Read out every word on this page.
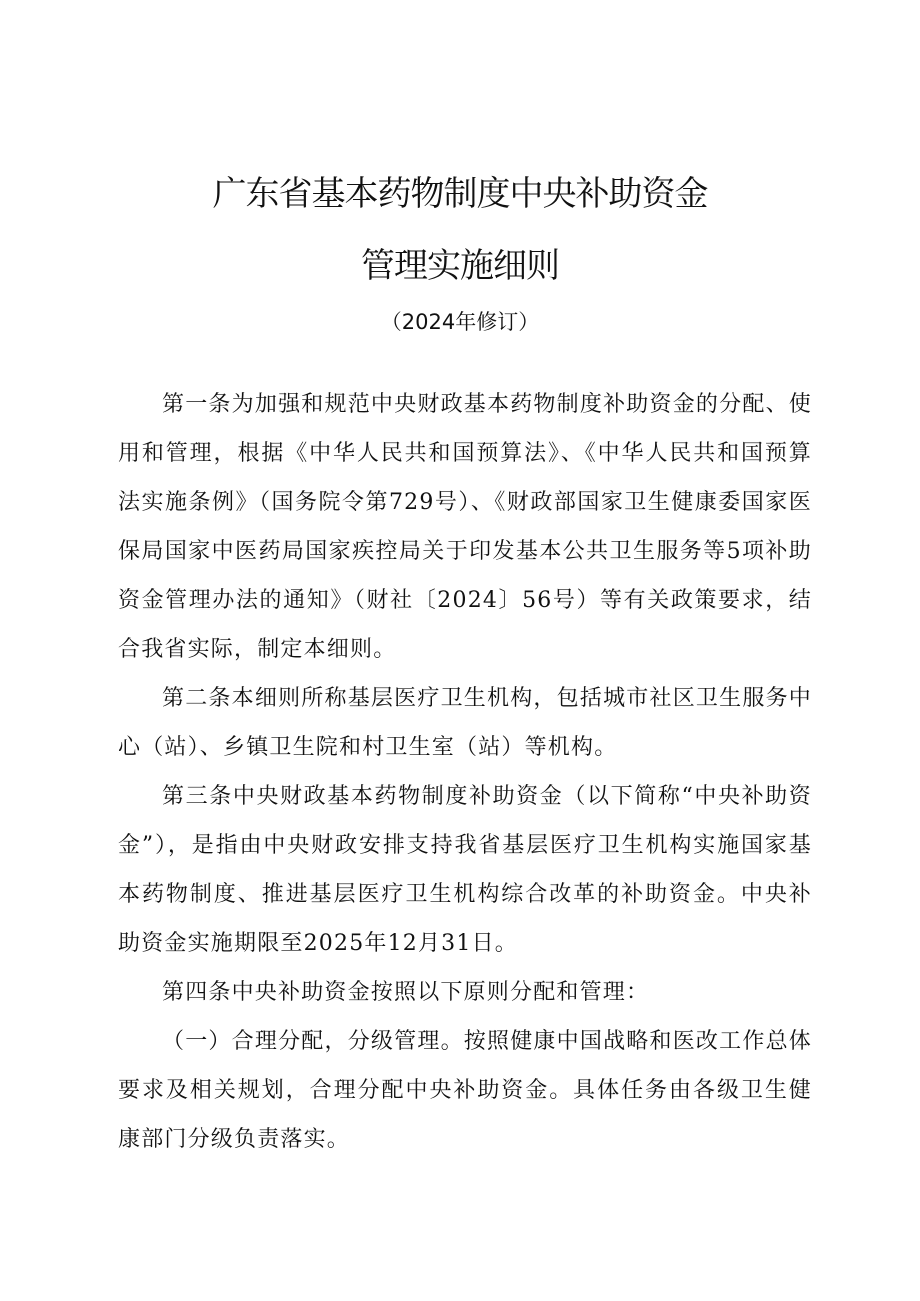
广东省基本药物制度中央补助资金
管理实施细则
（2024年修订）

第一条为加强和规范中央财政基本药物制度补助资金的分配、使用和管理，根据《中华人民共和国预算法》、《中华人民共和国预算法实施条例》（国务院令第729号）、《财政部国家卫生健康委国家医保局国家中医药局国家疾控局关于印发基本公共卫生服务等5项补助资金管理办法的通知》（财社〔2024〕56号）等有关政策要求，结合我省实际，制定本细则。

第二条本细则所称基层医疗卫生机构，包括城市社区卫生服务中心（站）、乡镇卫生院和村卫生室（站）等机构。

第三条中央财政基本药物制度补助资金（以下简称“中央补助资金”），是指由中央财政安排支持我省基层医疗卫生机构实施国家基本药物制度、推进基层医疗卫生机构综合改革的补助资金。中央补助资金实施期限至2025年12月31日。

第四条中央补助资金按照以下原则分配和管理：

（一）合理分配，分级管理。按照健康中国战略和医改工作总体要求及相关规划，合理分配中央补助资金。具体任务由各级卫生健康部门分级负责落实。
